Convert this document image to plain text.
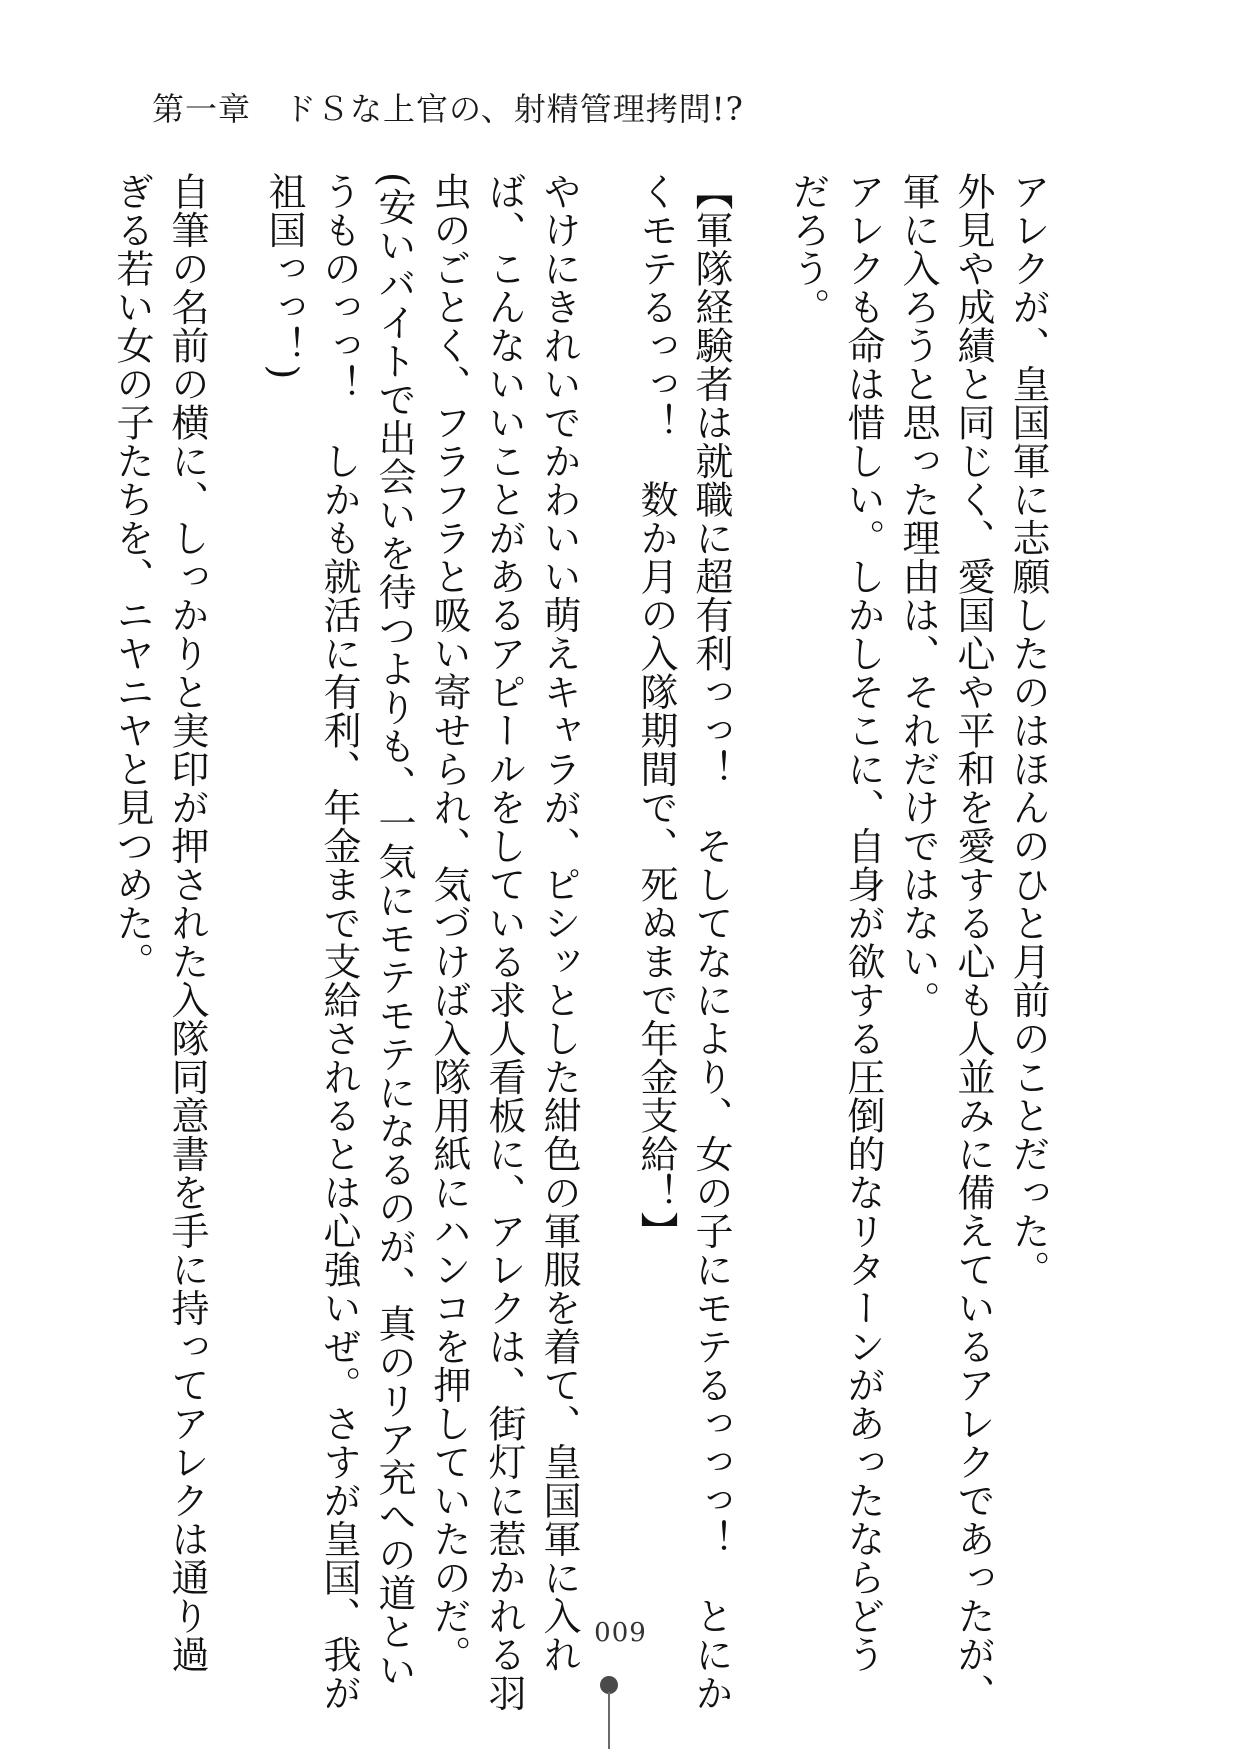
第一章　ドＳな上官の、射精管理拷問!?

アレクが、皇国軍に志願したのはほんのひと月前のことだった。

外見や成績と同じく、愛国心や平和を愛する心も人並みに備えているアレクであったが、

軍に入ろうと思った理由は、それだけではない。

アレクも命は惜しい。しかしそこに、自身が欲する圧倒的なリターンがあったならどう

だろう。

【軍隊経験者は就職に超有利っっ！　そしてなにより、女の子にモテるっっっ！　とにか

くモテるっっ！　数か月の入隊期間で、死ぬまで年金支給！】

やけにきれいでかわいい萌えキャラが、ピシッとした紺色の軍服を着て、皇国軍に入れ

ば、こんないいことがあるアピールをしている求人看板に、アレクは、街灯に惹かれる羽

虫のごとく、フラフラと吸い寄せられ、気づけば入隊用紙にハンコを押していたのだ。

(安いバイトで出会いを待つよりも、一気にモテモテになるのが、真のリア充への道とい

うものっっ！　しかも就活に有利、年金まで支給されるとは心強いぜ。さすが皇国、我が

祖国っっ！)

自筆の名前の横に、しっかりと実印が押された入隊同意書を手に持ってアレクは通り過

ぎる若い女の子たちを、ニヤニヤと見つめた。

009
